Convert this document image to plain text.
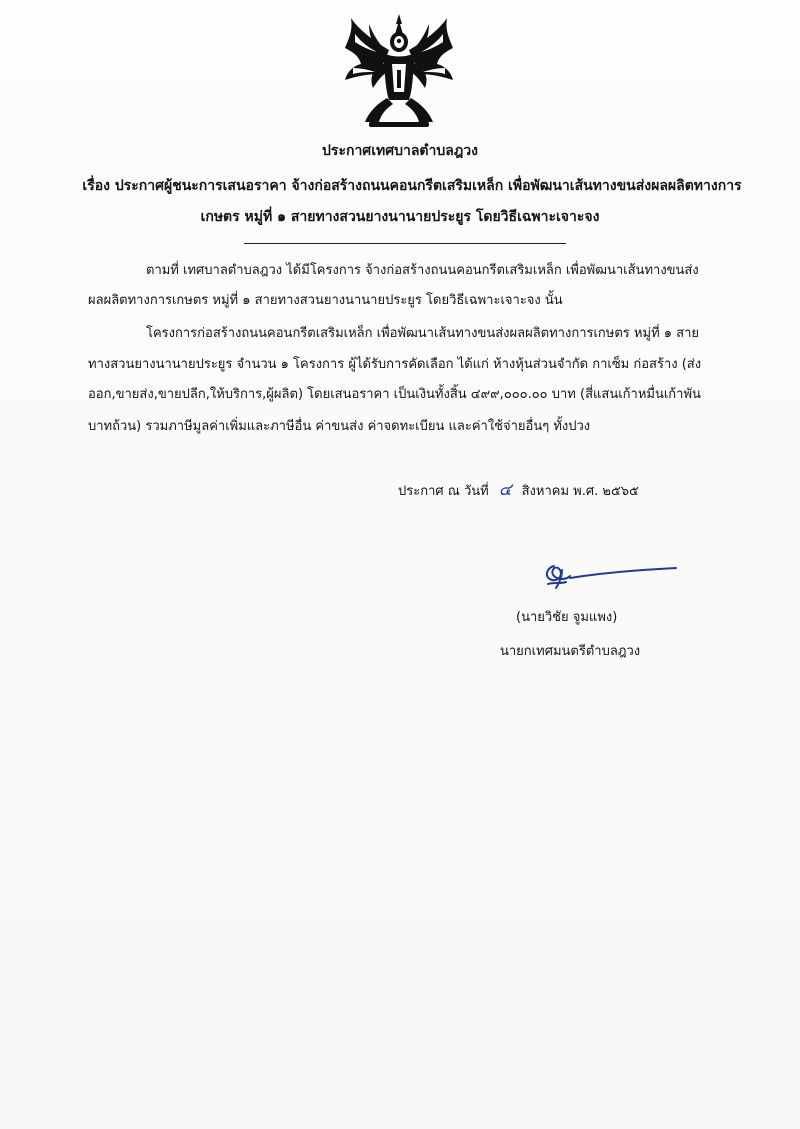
ประกาศเทศบาลตำบลฎวง
เรื่อง ประกาศผู้ชนะการเสนอราคา จ้างก่อสร้างถนนคอนกรีตเสริมเหล็ก เพื่อพัฒนาเส้นทางขนส่งผลผลิตทางการ
เกษตร หมู่ที่ ๑ สายทางสวนยางนานายประยูร โดยวิธีเฉพาะเจาะจง
ตามที่ เทศบาลตำบลฎวง ได้มีโครงการ จ้างก่อสร้างถนนคอนกรีตเสริมเหล็ก เพื่อพัฒนาเส้นทางขนส่ง
ผลผลิตทางการเกษตร หมู่ที่ ๑ สายทางสวนยางนานายประยูร โดยวิธีเฉพาะเจาะจง นั้น
โครงการก่อสร้างถนนคอนกรีตเสริมเหล็ก เพื่อพัฒนาเส้นทางขนส่งผลผลิตทางการเกษตร หมู่ที่ ๑ สาย
ทางสวนยางนานายประยูร จำนวน ๑ โครงการ ผู้ได้รับการคัดเลือก ได้แก่ ห้างหุ้นส่วนจำกัด กาเซ็ม ก่อสร้าง (ส่ง
ออก,ขายส่ง,ขายปลีก,ให้บริการ,ผู้ผลิต) โดยเสนอราคา เป็นเงินทั้งสิ้น ๔๙๙,๐๐๐.๐๐ บาท (สี่แสนเก้าหมื่นเก้าพัน
บาทถ้วน) รวมภาษีมูลค่าเพิ่มและภาษีอื่น ค่าขนส่ง ค่าจดทะเบียน และค่าใช้จ่ายอื่นๆ ทั้งปวง
ประกาศ ณ วันที่ ๔ สิงหาคม พ.ศ. ๒๕๖๕
(นายวิชัย จูมแพง)
นายกเทศมนตรีตำบลฎวง
